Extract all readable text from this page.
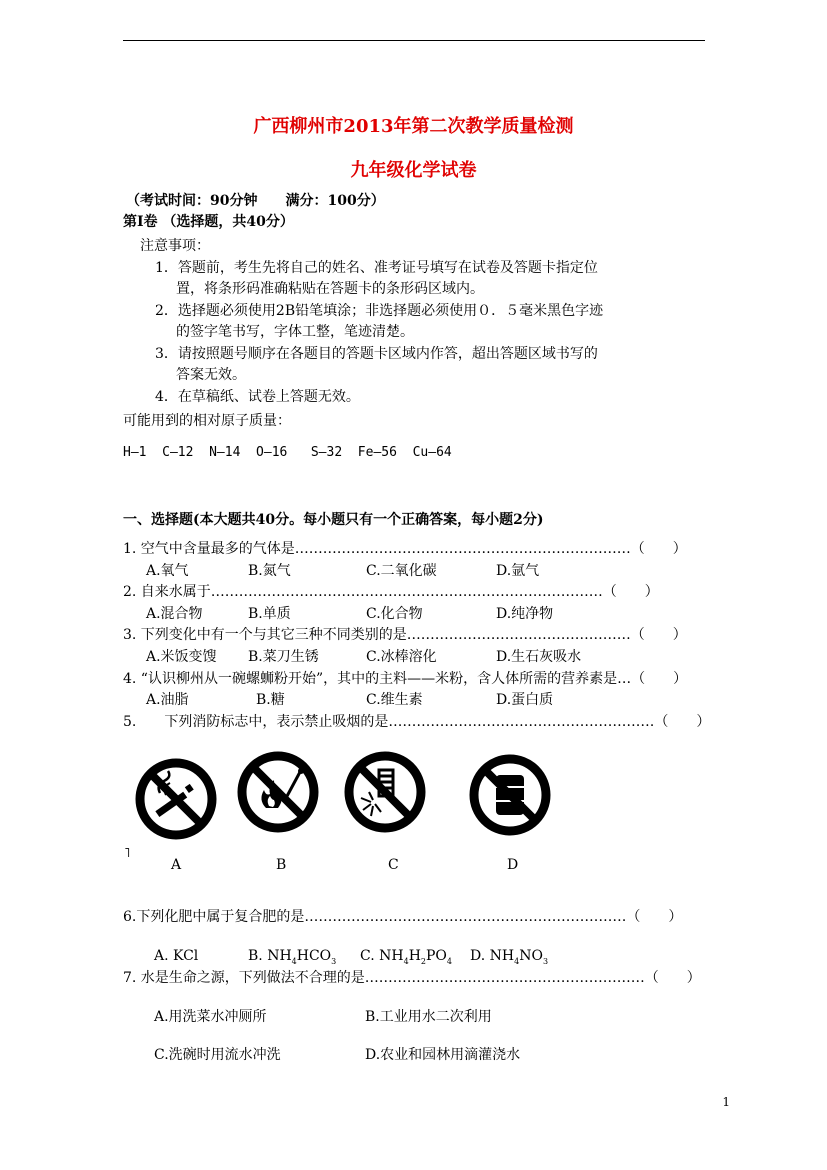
广西柳州市2013年第二次教学质量检测
九年级化学试卷
（考试时间：90分钟　　满分：100分）
第Ⅰ卷 （选择题，共40分）
注意事项：
1．答题前，考生先将自己的姓名、准考证号填写在试卷及答题卡指定位
置，将条形码准确粘贴在答题卡的条形码区域内。
2．选择题必须使用2B铅笔填涂；非选择题必须使用０．５毫米黑色字迹
的签字笔书写，字体工整，笔迹清楚。
3．请按照题号顺序在各题目的答题卡区域内作答，超出答题区域书写的
答案无效。
4．在草稿纸、试卷上答题无效。
可能用到的相对原子质量：
H—1  C—12  N—14  O—16   S—32  Fe—56  Cu—64
一、选择题(本大题共40分。每小题只有一个正确答案，每小题2分)
1. 空气中含量最多的气体是………………………………………………………………（　　）
A.氧气	B.氮气	C.二氧化碳	D.氩气
2. 自来水属于…………………………………………………………………………（　　）
A.混合物	B.单质	C.化合物	D.纯净物
3. 下列变化中有一个与其它三种不同类别的是…………………………………………（　　）
A.米饭变馊 B.菜刀生锈	C.冰棒溶化	D.生石灰吸水
4. “认识柳州从一碗螺蛳粉开始”，其中的主料——米粉，含人体所需的营养素是…（　　）
A.油脂	B.糖	C.维生素	D.蛋白质
5.　　下列消防标志中，表示禁止吸烟的是…………………………………………………（　　）
˥
A	B	C	D
6.下列化肥中属于复合肥的是……………………………………………………………（　　）
A. KCl	B. $NH_4HCO_3$ C. $NH_4H_2PO_4$ D. $NH_4NO_3$
7. 水是生命之源，下列做法不合理的是……………………………………………………（　　）
A.用洗菜水冲厕所	B.工业用水二次利用
C.洗碗时用流水冲洗	D.农业和园林用滴灌浇水
1
